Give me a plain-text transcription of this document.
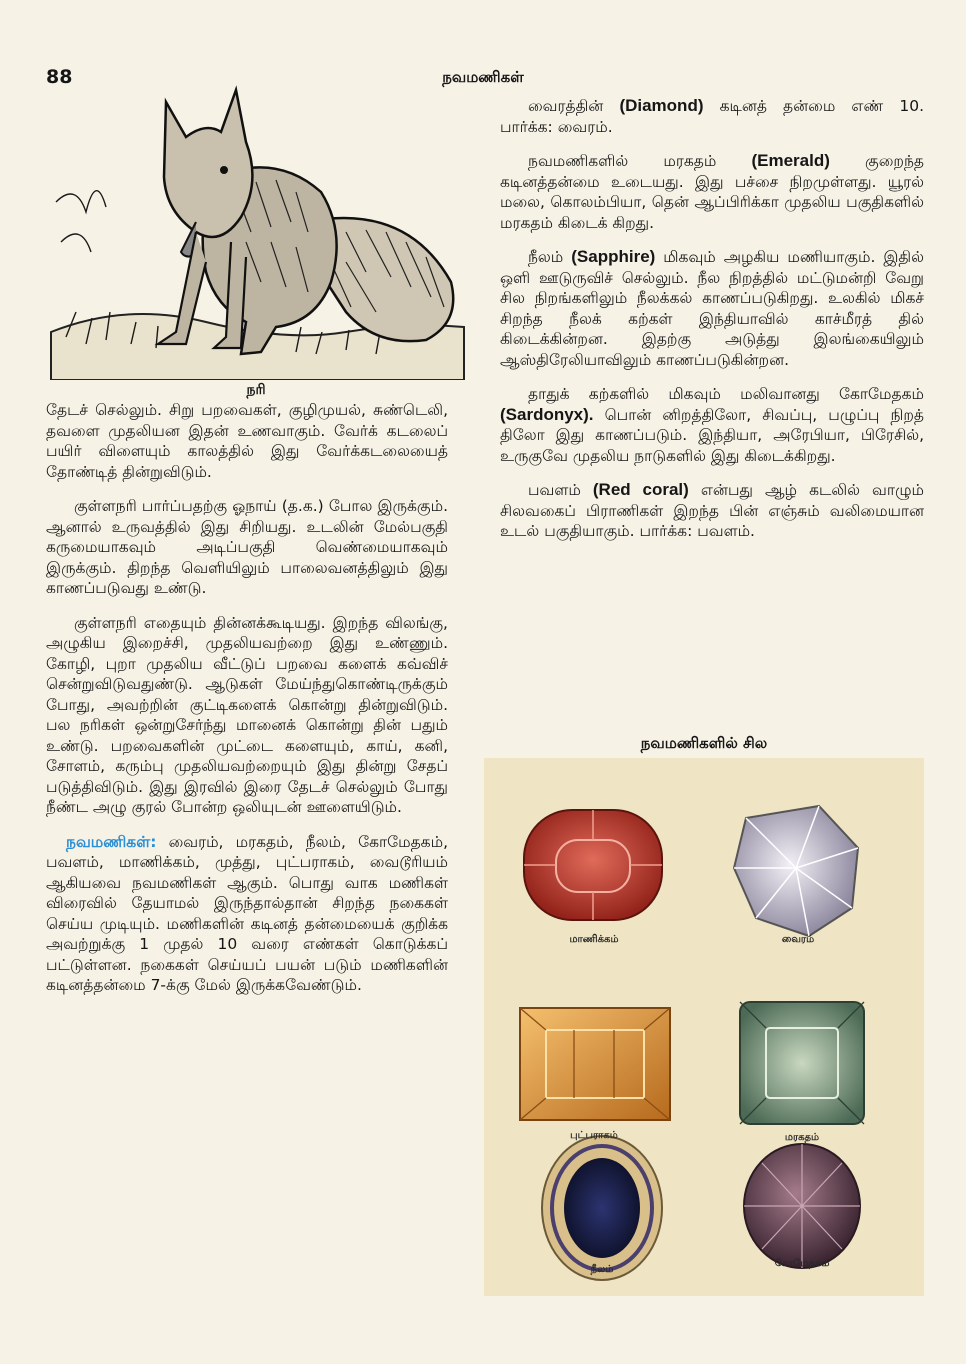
88	நவமணிகள்
நரி

தேடச் செல்லும். சிறு பறவைகள், குழிமுயல், சுண்டெலி, தவளை முதலியன இதன் உணவாகும். வேர்க் கடலைப் பயிர் விளையும் காலத்தில் இது வேர்க்கடலையைத் தோண்டித் தின்றுவிடும்.

குள்ளநரி பார்ப்பதற்கு ஓநாய் (த.க.) போல இருக்கும். ஆனால் உருவத்தில் இது சிறியது. உடலின் மேல்பகுதி கருமையாகவும் அடிப்பகுதி வெண்மையாகவும் இருக்கும். திறந்த வெளியிலும் பாலைவனத்திலும் இது காணப்படுவது உண்டு.

குள்ளநரி எதையும் தின்னக்கூடியது. இறந்த விலங்கு, அழுகிய இறைச்சி, முதலியவற்றை இது உண்ணும். கோழி, புறா முதலிய வீட்டுப் பறவை களைக் கவ்விச் சென்றுவிடுவதுண்டு. ஆடுகள் மேய்ந்துகொண்டிருக்கும் போது, அவற்றின் குட்டிகளைக் கொன்று தின்றுவிடும். பல நரிகள் ஒன்றுசேர்ந்து மானைக் கொன்று தின் பதும் உண்டு. பறவைகளின் முட்டை களையும், காய், கனி, சோளம், கரும்பு முதலியவற்றையும் இது தின்று சேதப் படுத்திவிடும். இது இரவில் இரை தேடச் செல்லும் போது நீண்ட அழு குரல் போன்ற ஒலியுடன் ஊளையிடும்.

நவமணிகள்: வைரம், மரகதம், நீலம், கோமேதகம், பவளம், மாணிக்கம், முத்து, புட்பராகம், வைடூரியம் ஆகியவை நவமணிகள் ஆகும். பொது வாக மணிகள் விரைவில் தேயாமல் இருந்தால்தான் சிறந்த நகைகள் செய்ய முடியும். மணிகளின் கடினத் தன்மையைக் குறிக்க அவற்றுக்கு 1 முதல் 10 வரை எண்கள் கொடுக்கப் பட்டுள்ளன. நகைகள் செய்யப் பயன் படும் மணிகளின் கடினத்தன்மை 7-க்கு மேல் இருக்கவேண்டும்.

வைரத்தின் (Diamond) கடினத் தன்மை எண் 10. பார்க்க: வைரம்.

நவமணிகளில் மரகதம் (Emerald) குறைந்த கடினத்தன்மை உடையது. இது பச்சை நிறமுள்ளது. யூரல் மலை, கொலம்பியா, தென் ஆப்பிரிக்கா முதலிய பகுதிகளில் மரகதம் கிடைக் கிறது.

நீலம் (Sapphire) மிகவும் அழகிய மணியாகும். இதில் ஒளி ஊடுருவிச் செல்லும். நீல நிறத்தில் மட்டுமன்றி வேறு சில நிறங்களிலும் நீலக்கல் காணப்படுகிறது. உலகில் மிகச் சிறந்த நீலக் கற்கள் இந்தியாவில் காச்மீரத் தில் கிடைக்கின்றன. இதற்கு அடுத்து இலங்கையிலும் ஆஸ்திரேலியாவிலும் காணப்படுகின்றன.

தாதுக் கற்களில் மிகவும் மலிவானது கோமேதகம் (Sardonyx). பொன் னிறத்திலோ, சிவப்பு, பழுப்பு நிறத் திலோ இது காணப்படும். இந்தியா, அரேபியா, பிரேசில், உருகுவே முதலிய நாடுகளில் இது கிடைக்கிறது.

பவளம் (Red coral) என்பது ஆழ் கடலில் வாழும் சிலவகைப் பிராணிகள் இறந்த பின் எஞ்சும் வலிமையான உடல் பகுதியாகும். பார்க்க: பவளம்.

நவமணிகளில் சில
மாணிக்கம்	வைரம்
புட்பராகம்	மரகதம்
நீலம்
கோமேதகம்
